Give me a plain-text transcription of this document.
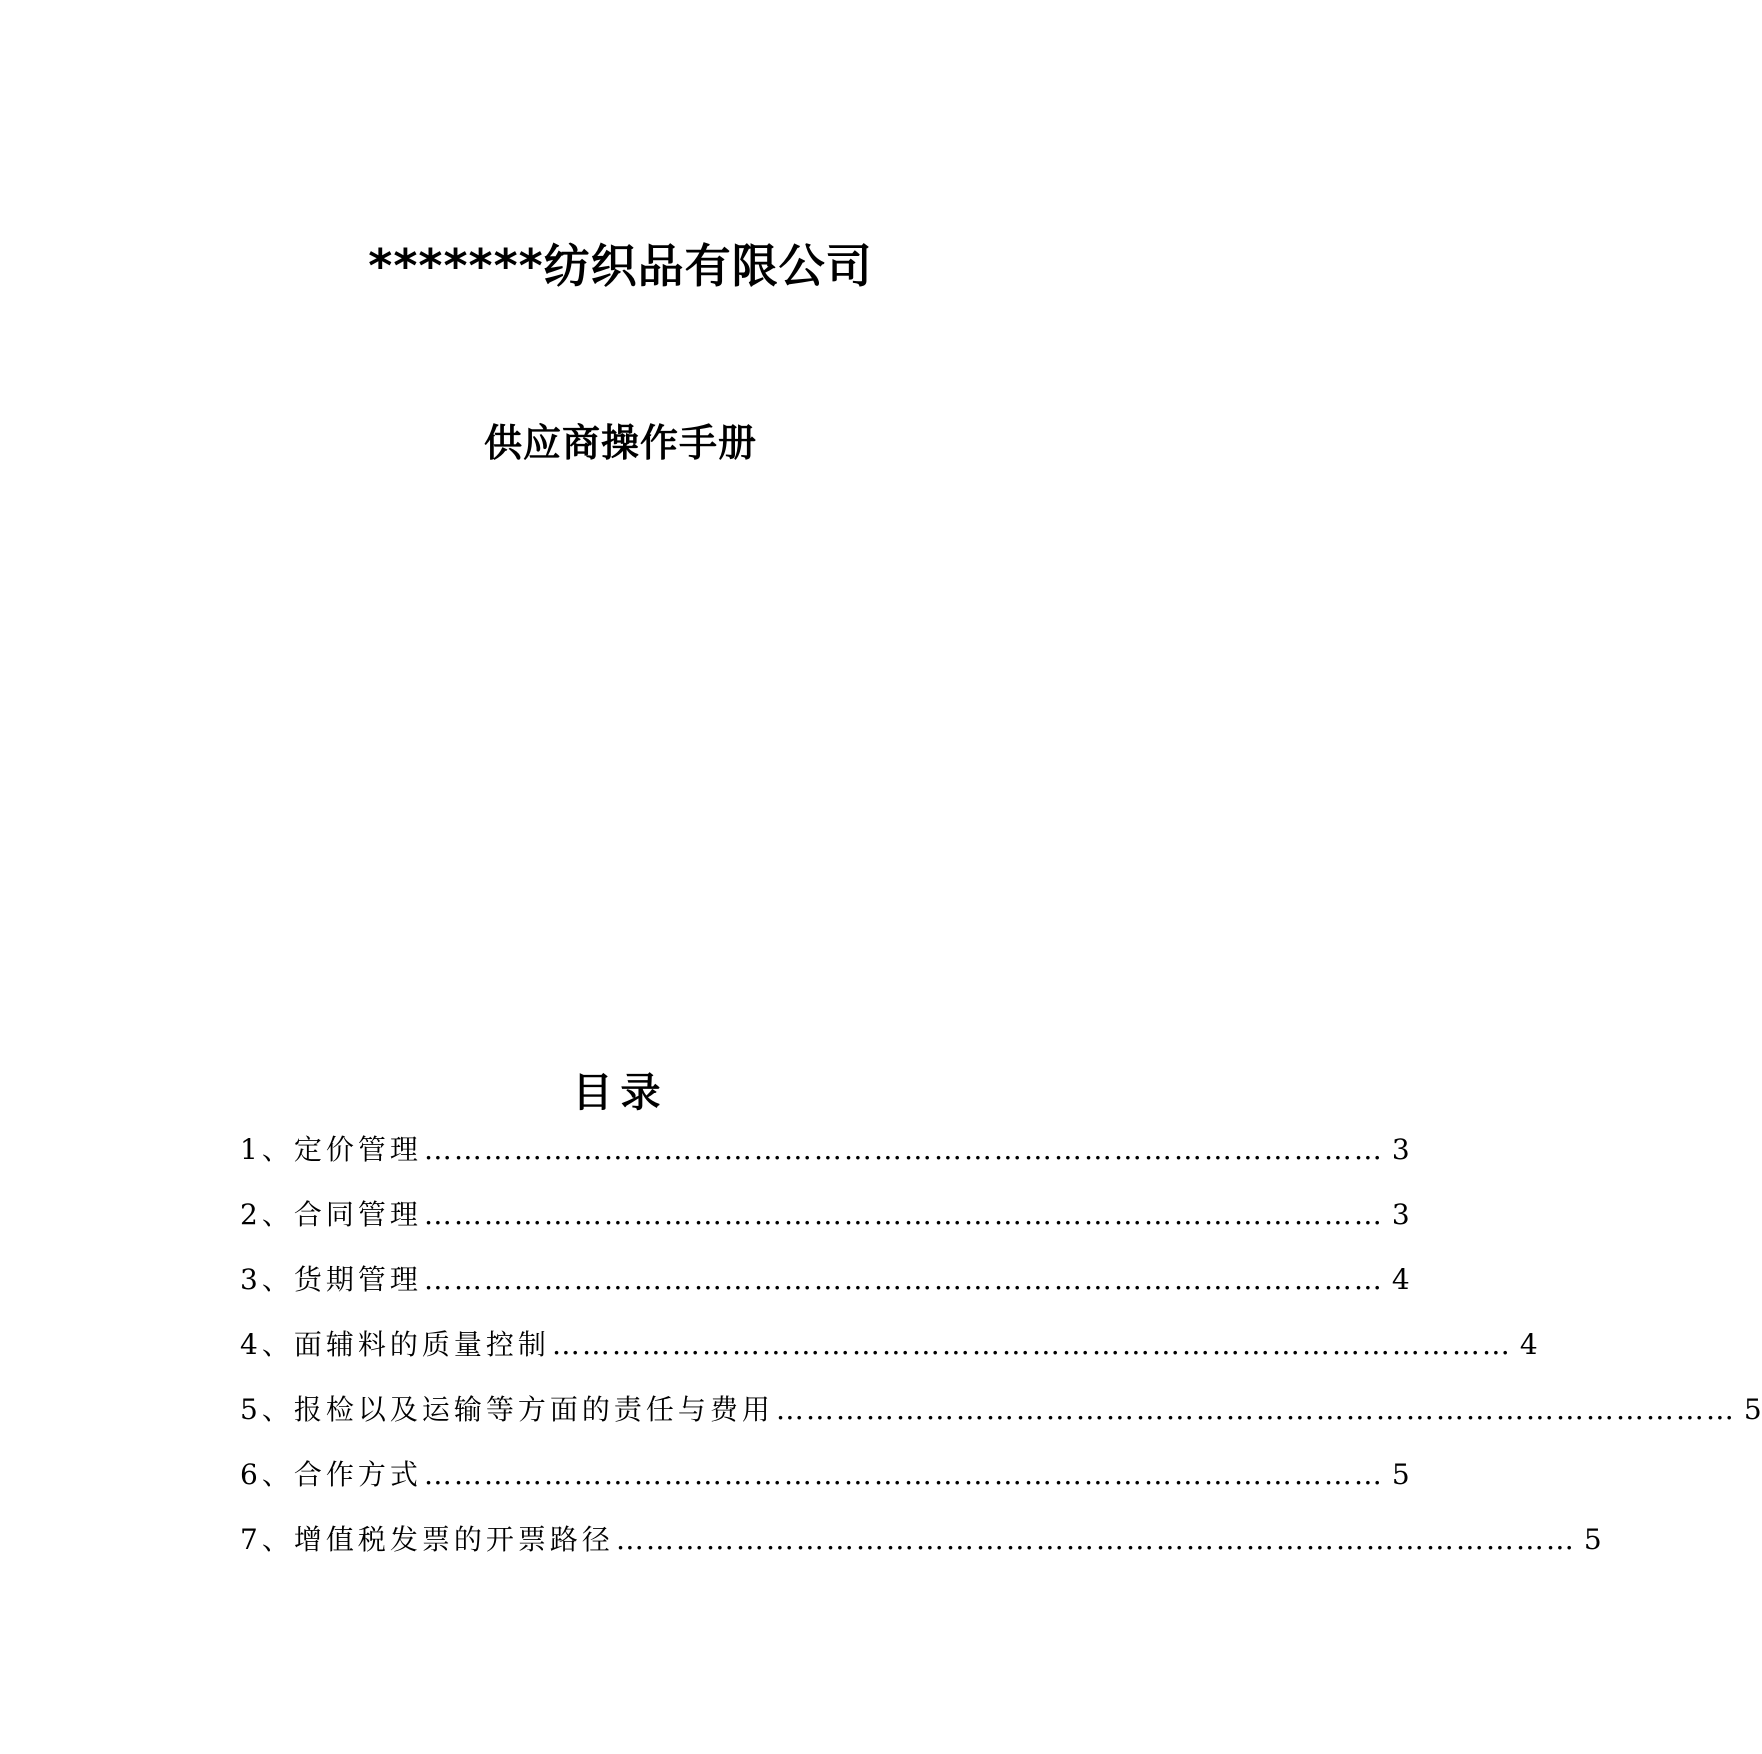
*******纺织品有限公司
供应商操作手册
目录
1、定价管理 …………………………………………………………………………………… 3
2、合同管理 …………………………………………………………………………………… 3
3、货期管理 …………………………………………………………………………………… 4
4、面辅料的质量控制 …………………………………………………………………………………… 4
5、报检以及运输等方面的责任与费用 …………………………………………………………………………………… 5
6、合作方式 …………………………………………………………………………………… 5
7、增值税发票的开票路径 …………………………………………………………………………………… 5
